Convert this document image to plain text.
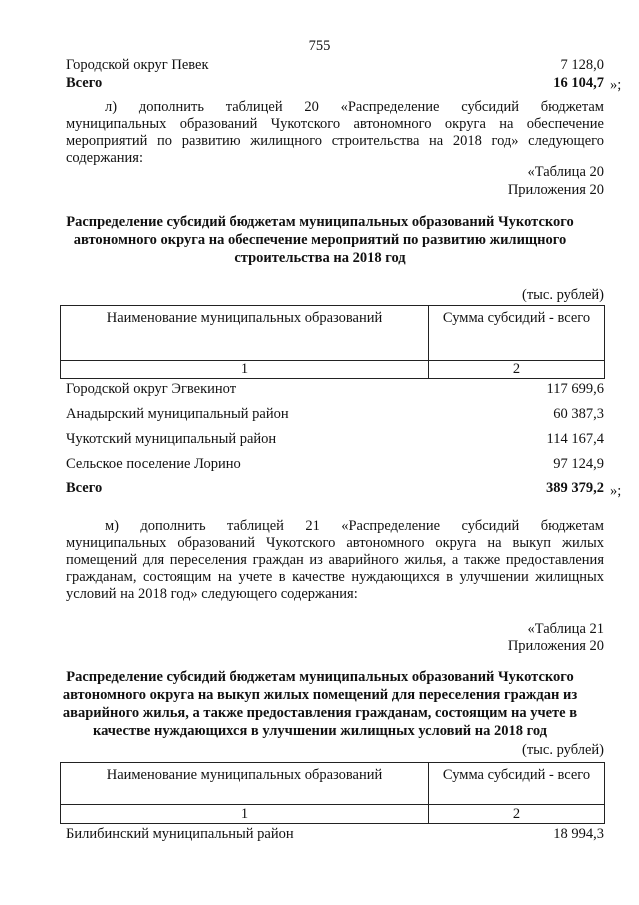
755
Городской округ Певек	7 128,0
Всего	16 104,7 »;
л) дополнить таблицей 20 «Распределение субсидий бюджетам
муниципальных образований Чукотского автономного округа на обеспечение
мероприятий по развитию жилищного строительства на 2018 год» следующего
содержания:
«Таблица 20
Приложения 20
Распределение субсидий бюджетам муниципальных образований Чукотского
автономного округа на обеспечение мероприятий по развитию жилищного
строительства на 2018 год
(тыс. рублей)
Наименование муниципальных образований	Сумма субсидий - всего
1	2
Городской округ Эгвекинот	117 699,6
Анадырский муниципальный район	60 387,3
Чукотский муниципальный район	114 167,4
Сельское поселение Лорино	97 124,9
Всего	389 379,2 »;
м) дополнить таблицей 21 «Распределение субсидий бюджетам
муниципальных образований Чукотского автономного округа на выкуп жилых
помещений для переселения граждан из аварийного жилья, а также предоставления
гражданам, состоящим на учете в качестве нуждающихся в улучшении жилищных
условий на 2018 год» следующего содержания:
«Таблица 21
Приложения 20
Распределение субсидий бюджетам муниципальных образований Чукотского
автономного округа на выкуп жилых помещений для переселения граждан из
аварийного жилья, а также предоставления гражданам, состоящим на учете в
качестве нуждающихся в улучшении жилищных условий на 2018 год
(тыс. рублей)
Наименование муниципальных образований	Сумма субсидий - всего
1	2
Билибинский муниципальный район	18 994,3
